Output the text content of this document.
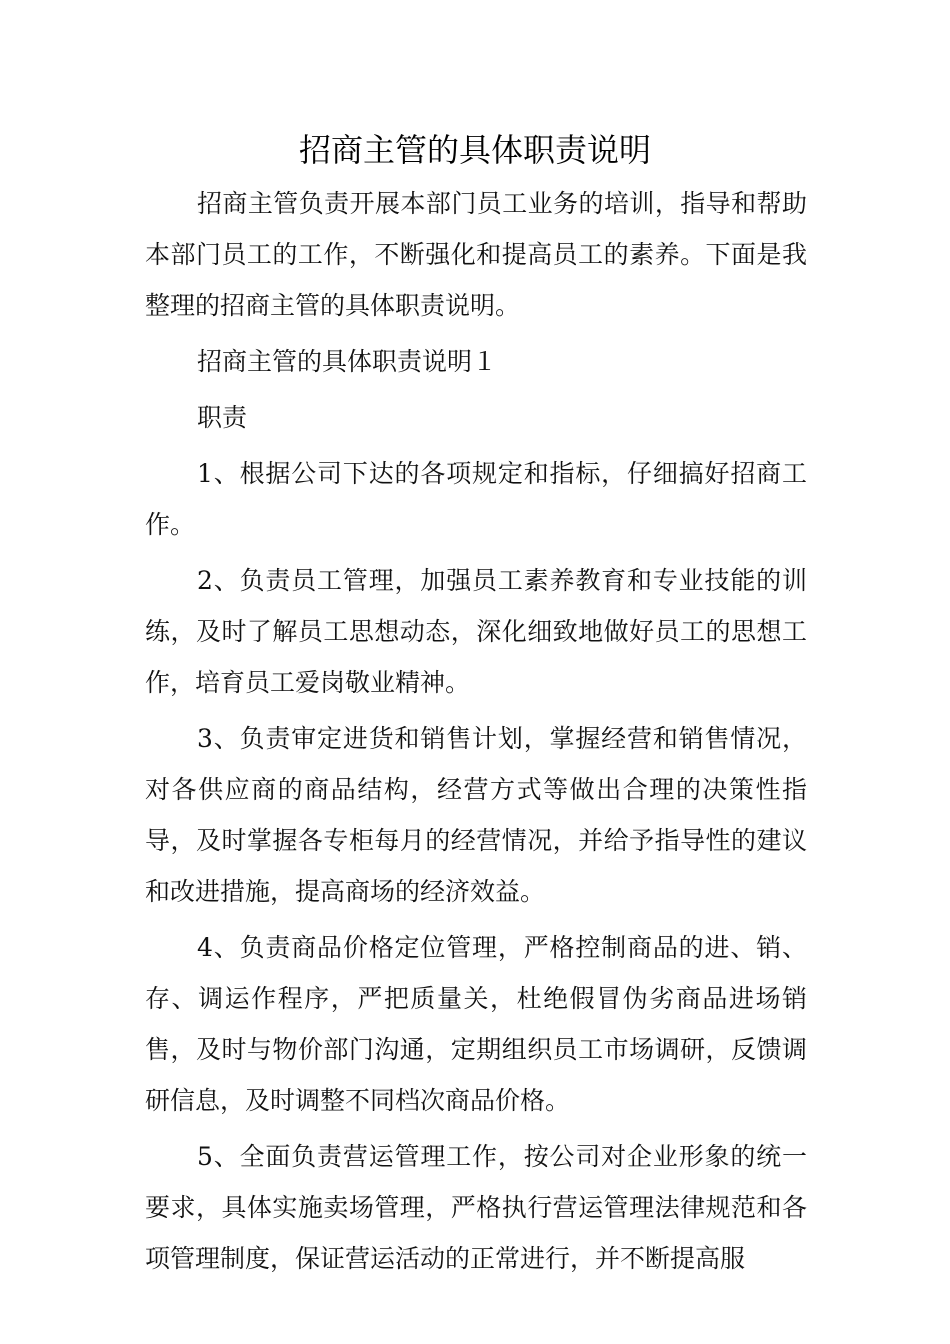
招商主管的具体职责说明

招商主管负责开展本部门员工业务的培训，指导和帮助本部门员工的工作，不断强化和提高员工的素养。下面是我整理的招商主管的具体职责说明。

招商主管的具体职责说明１

职责

1、根据公司下达的各项规定和指标，仔细搞好招商工作。

2、负责员工管理，加强员工素养教育和专业技能的训练，及时了解员工思想动态，深化细致地做好员工的思想工作，培育员工爱岗敬业精神。

3、负责审定进货和销售计划，掌握经营和销售情况，对各供应商的商品结构，经营方式等做出合理的决策性指导，及时掌握各专柜每月的经营情况，并给予指导性的建议和改进措施，提高商场的经济效益。

4、负责商品价格定位管理，严格控制商品的进、销、存、调运作程序，严把质量关，杜绝假冒伪劣商品进场销售，及时与物价部门沟通，定期组织员工市场调研，反馈调研信息，及时调整不同档次商品价格。

5、全面负责营运管理工作，按公司对企业形象的统一要求，具体实施卖场管理，严格执行营运管理法律规范和各项管理制度，保证营运活动的正常进行，并不断提高服
